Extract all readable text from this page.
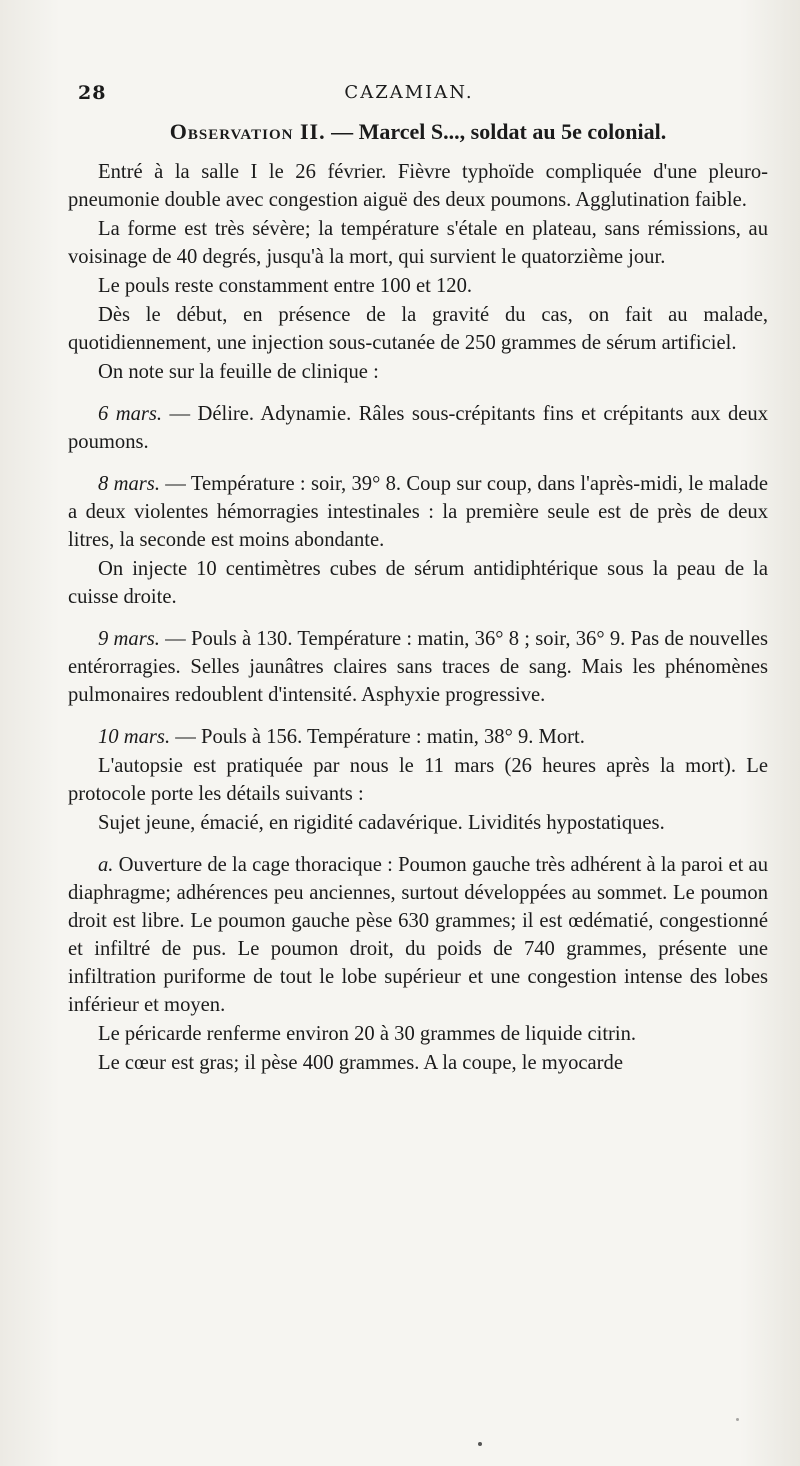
28	CAZAMIAN.
Observation II. — Marcel S..., soldat au 5e colonial.

Entré à la salle I le 26 février. Fièvre typhoïde compliquée d'une pleuro-pneumonie double avec congestion aiguë des deux poumons. Agglutination faible.

La forme est très sévère; la température s'étale en plateau, sans rémissions, au voisinage de 40 degrés, jusqu'à la mort, qui survient le quatorzième jour.

Le pouls reste constamment entre 100 et 120.

Dès le début, en présence de la gravité du cas, on fait au malade, quotidiennement, une injection sous-cutanée de 250 grammes de sérum artificiel.

On note sur la feuille de clinique :

6 mars. — Délire. Adynamie. Râles sous-crépitants fins et crépitants aux deux poumons.

8 mars. — Température : soir, 39° 8. Coup sur coup, dans l'après-midi, le malade a deux violentes hémorragies intestinales : la première seule est de près de deux litres, la seconde est moins abondante.

On injecte 10 centimètres cubes de sérum antidiphtérique sous la peau de la cuisse droite.

9 mars. — Pouls à 130. Température : matin, 36° 8 ; soir, 36° 9. Pas de nouvelles entérorragies. Selles jaunâtres claires sans traces de sang. Mais les phénomènes pulmonaires redoublent d'intensité. Asphyxie progressive.

10 mars. — Pouls à 156. Température : matin, 38° 9. Mort.

L'autopsie est pratiquée par nous le 11 mars (26 heures après la mort). Le protocole porte les détails suivants :

Sujet jeune, émacié, en rigidité cadavérique. Lividités hypostatiques.

a. Ouverture de la cage thoracique : Poumon gauche très adhérent à la paroi et au diaphragme; adhérences peu anciennes, surtout développées au sommet. Le poumon droit est libre. Le poumon gauche pèse 630 grammes; il est œdématié, congestionné et infiltré de pus. Le poumon droit, du poids de 740 grammes, présente une infiltration puriforme de tout le lobe supérieur et une congestion intense des lobes inférieur et moyen.

Le péricarde renferme environ 20 à 30 grammes de liquide citrin.

Le cœur est gras; il pèse 400 grammes. A la coupe, le myocarde
